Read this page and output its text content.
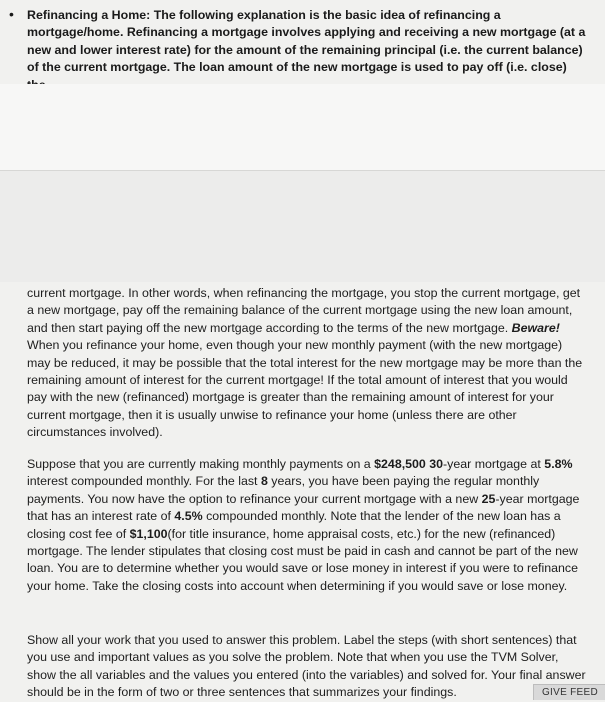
• Refinancing a Home: The following explanation is the basic idea of refinancing a mortgage/home. Refinancing a mortgage involves applying and receiving a new mortgage (at a new and lower interest rate) for the amount of the remaining principal (i.e. the current balance) of the current mortgage. The loan amount of the new mortgage is used to pay off (i.e. close)
current mortgage. In other words, when refinancing the mortgage, you stop the current mortgage, get a new mortgage, pay off the remaining balance of the current mortgage using the new loan amount, and then start paying off the new mortgage according to the terms of the new mortgage. Beware! When you refinance your home, even though your new monthly payment (with the new mortgage) may be reduced, it may be possible that the total interest for the new mortgage may be more than the remaining amount of interest for the current mortgage! If the total amount of interest that you would pay with the new (refinanced) mortgage is greater than the remaining amount of interest for your current mortgage, then it is usually unwise to refinance your home (unless there are other circumstances involved).
Suppose that you are currently making monthly payments on a $248,500 30-year mortgage at 5.8% interest compounded monthly. For the last 8 years, you have been paying the regular monthly payments. You now have the option to refinance your current mortgage with a new 25-year mortgage that has an interest rate of 4.5% compounded monthly. Note that the lender of the new loan has a closing cost fee of $1,100(for title insurance, home appraisal costs, etc.) for the new (refinanced) mortgage. The lender stipulates that closing cost must be paid in cash and cannot be part of the new loan. You are to determine whether you would save or lose money in interest if you were to refinance your home. Take the closing costs into account when determining if you would save or lose money.
Show all your work that you used to answer this problem. Label the steps (with short sentences) that you use and important values as you solve the problem. Note that when you use the TVM Solver, show the all variables and the values you entered (into the variables) and solved for. Your final answer should be in the form of two or three sentences that summarizes your findings.	GIVE FEED
